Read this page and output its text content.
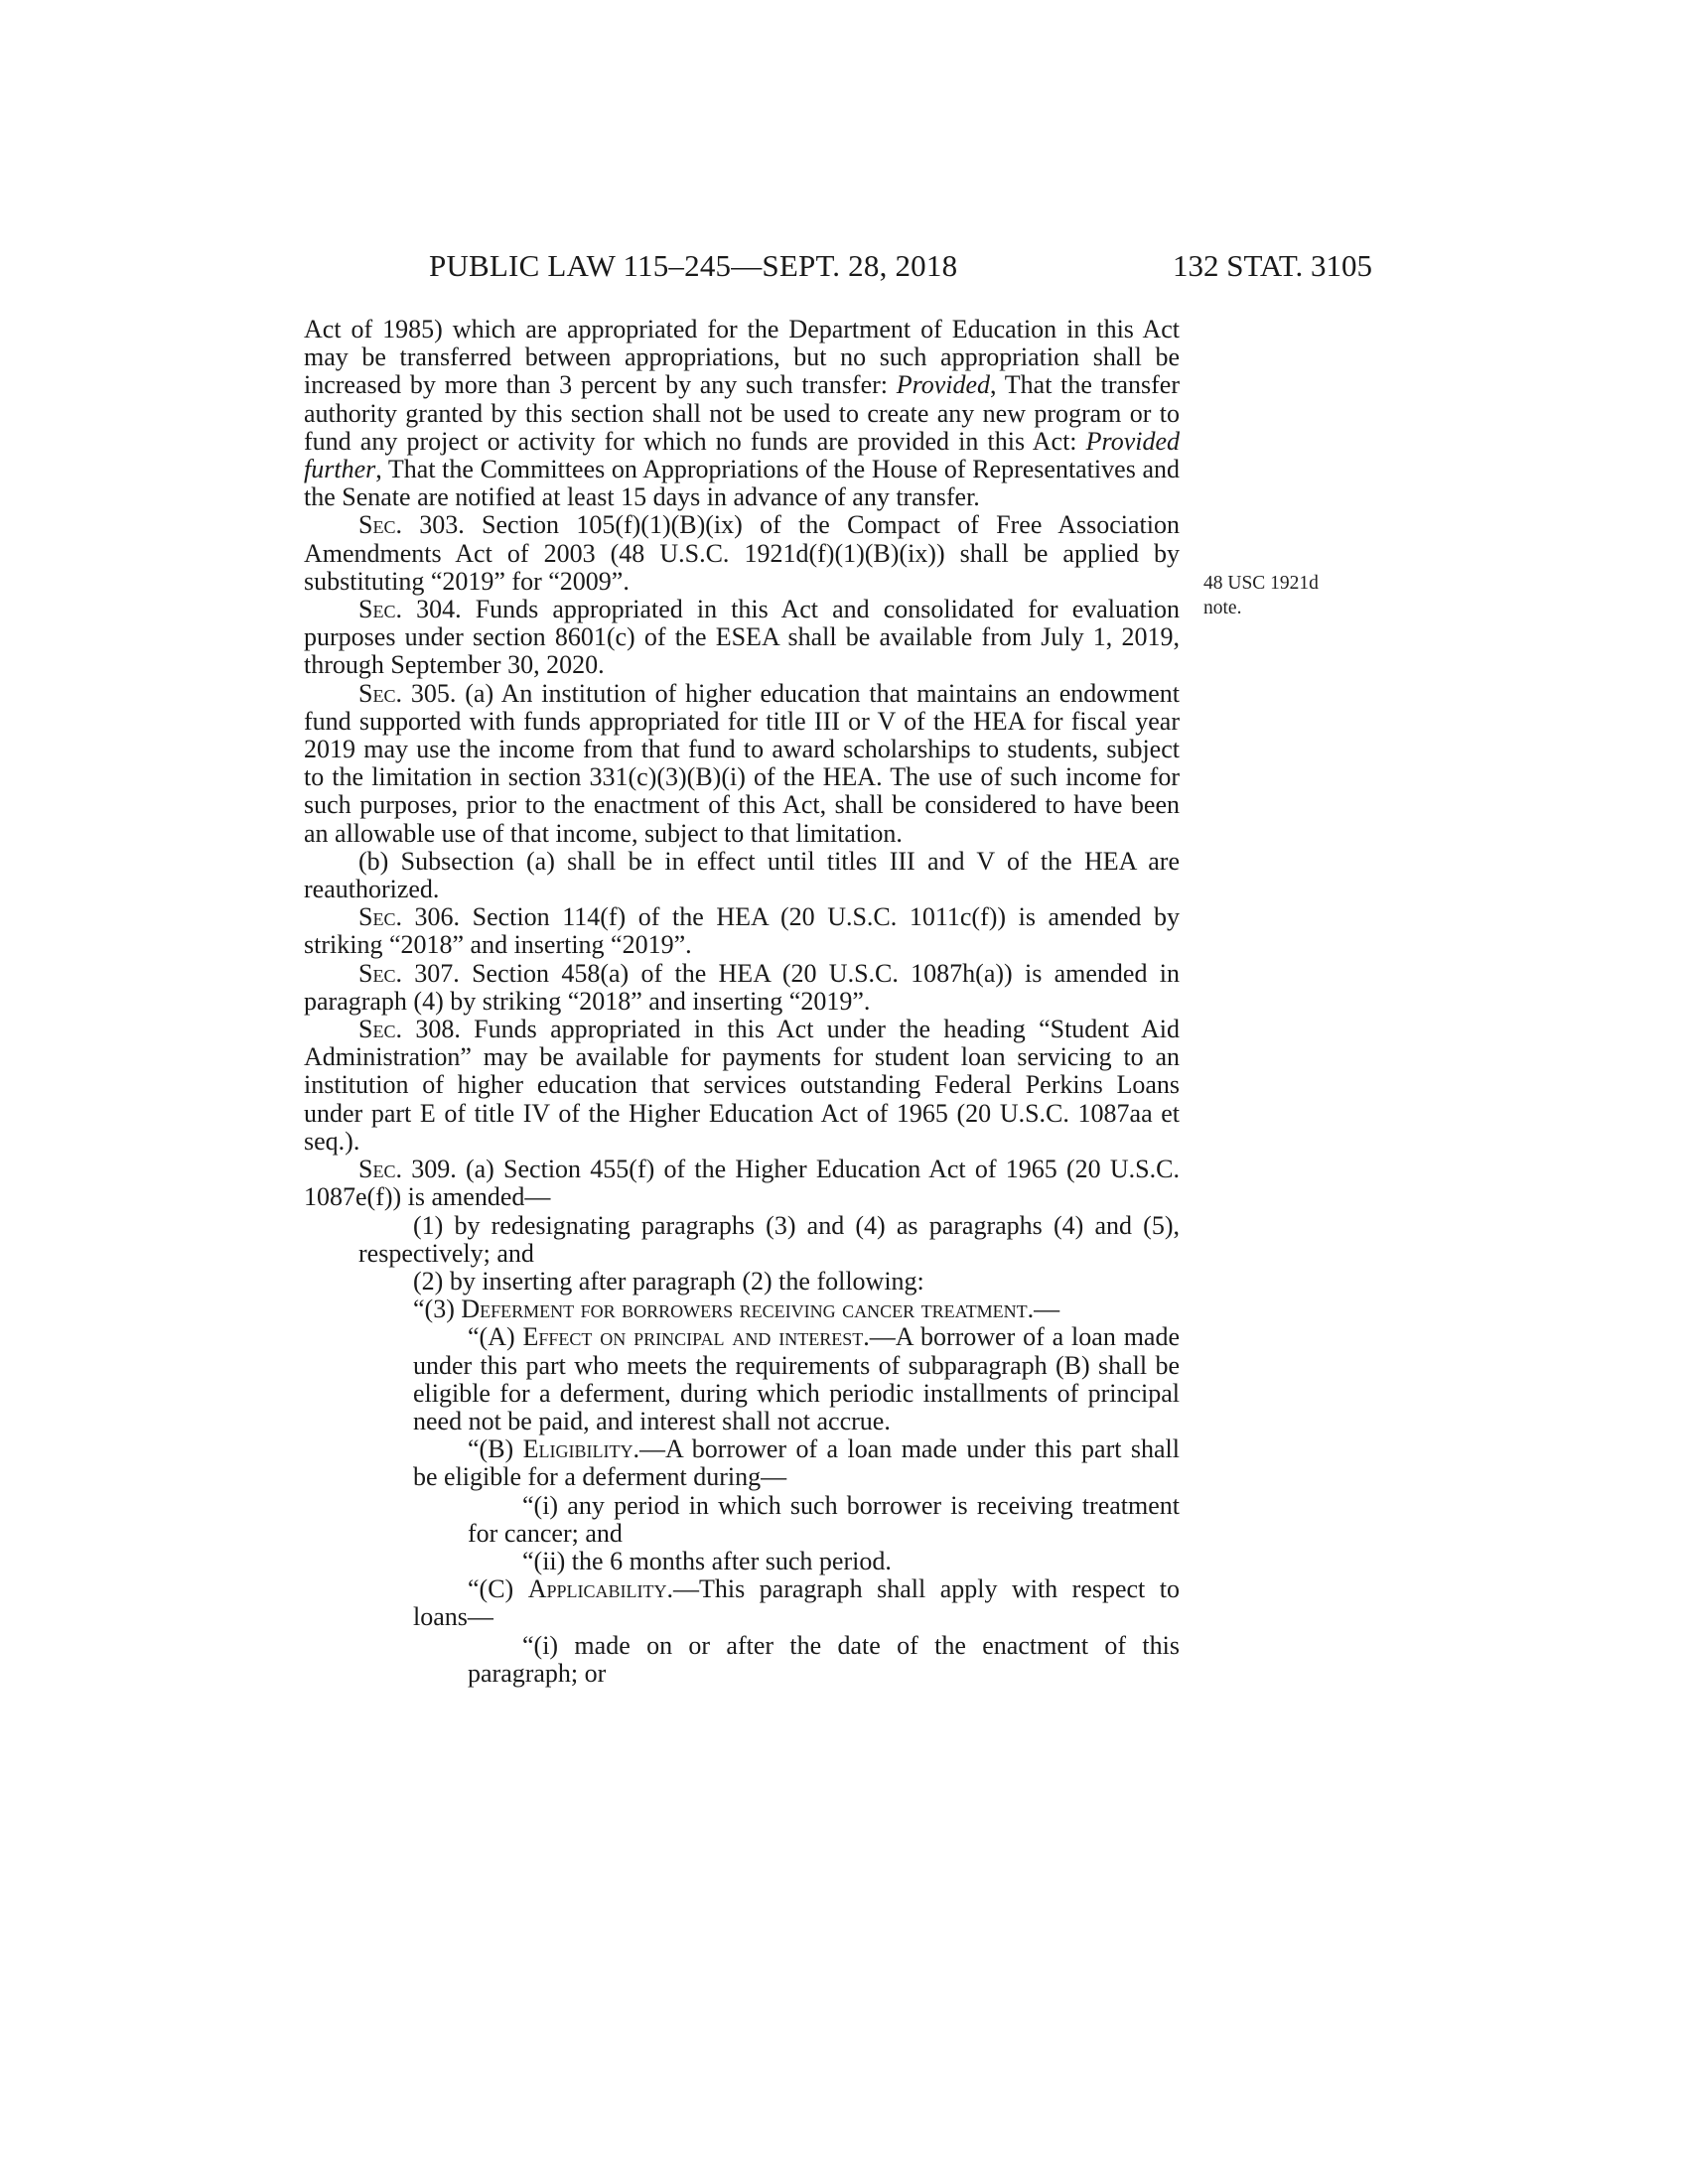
PUBLIC LAW 115–245—SEPT. 28, 2018	132 STAT. 3105
48 USC 1921d
note.

Act of 1985) which are appropriated for the Department of Education in this Act may be transferred between appropriations, but no such appropriation shall be increased by more than 3 percent by any such transfer: Provided, That the transfer authority granted by this section shall not be used to create any new program or to fund any project or activity for which no funds are provided in this Act: Provided further, That the Committees on Appropriations of the House of Representatives and the Senate are notified at least 15 days in advance of any transfer.

Sec. 303. Section 105(f)(1)(B)(ix) of the Compact of Free Association Amendments Act of 2003 (48 U.S.C. 1921d(f)(1)(B)(ix)) shall be applied by substituting “2019” for “2009”.

Sec. 304. Funds appropriated in this Act and consolidated for evaluation purposes under section 8601(c) of the ESEA shall be available from July 1, 2019, through September 30, 2020.

Sec. 305. (a) An institution of higher education that maintains an endowment fund supported with funds appropriated for title III or V of the HEA for fiscal year 2019 may use the income from that fund to award scholarships to students, subject to the limitation in section 331(c)(3)(B)(i) of the HEA. The use of such income for such purposes, prior to the enactment of this Act, shall be considered to have been an allowable use of that income, subject to that limitation.

(b) Subsection (a) shall be in effect until titles III and V of the HEA are reauthorized.

Sec. 306. Section 114(f) of the HEA (20 U.S.C. 1011c(f)) is amended by striking “2018” and inserting “2019”.

Sec. 307. Section 458(a) of the HEA (20 U.S.C. 1087h(a)) is amended in paragraph (4) by striking “2018” and inserting “2019”.

Sec. 308. Funds appropriated in this Act under the heading “Student Aid Administration” may be available for payments for student loan servicing to an institution of higher education that services outstanding Federal Perkins Loans under part E of title IV of the Higher Education Act of 1965 (20 U.S.C. 1087aa et seq.).

Sec. 309. (a) Section 455(f) of the Higher Education Act of 1965 (20 U.S.C. 1087e(f)) is amended—

(1) by redesignating paragraphs (3) and (4) as paragraphs (4) and (5), respectively; and

(2) by inserting after paragraph (2) the following:

“(3) Deferment for borrowers receiving cancer treatment.—

“(A) Effect on principal and interest.—A borrower of a loan made under this part who meets the requirements of subparagraph (B) shall be eligible for a deferment, during which periodic installments of principal need not be paid, and interest shall not accrue.

“(B) Eligibility.—A borrower of a loan made under this part shall be eligible for a deferment during—

“(i) any period in which such borrower is receiving treatment for cancer; and

“(ii) the 6 months after such period.

“(C) Applicability.—This paragraph shall apply with respect to loans—

“(i) made on or after the date of the enactment of this paragraph; or
